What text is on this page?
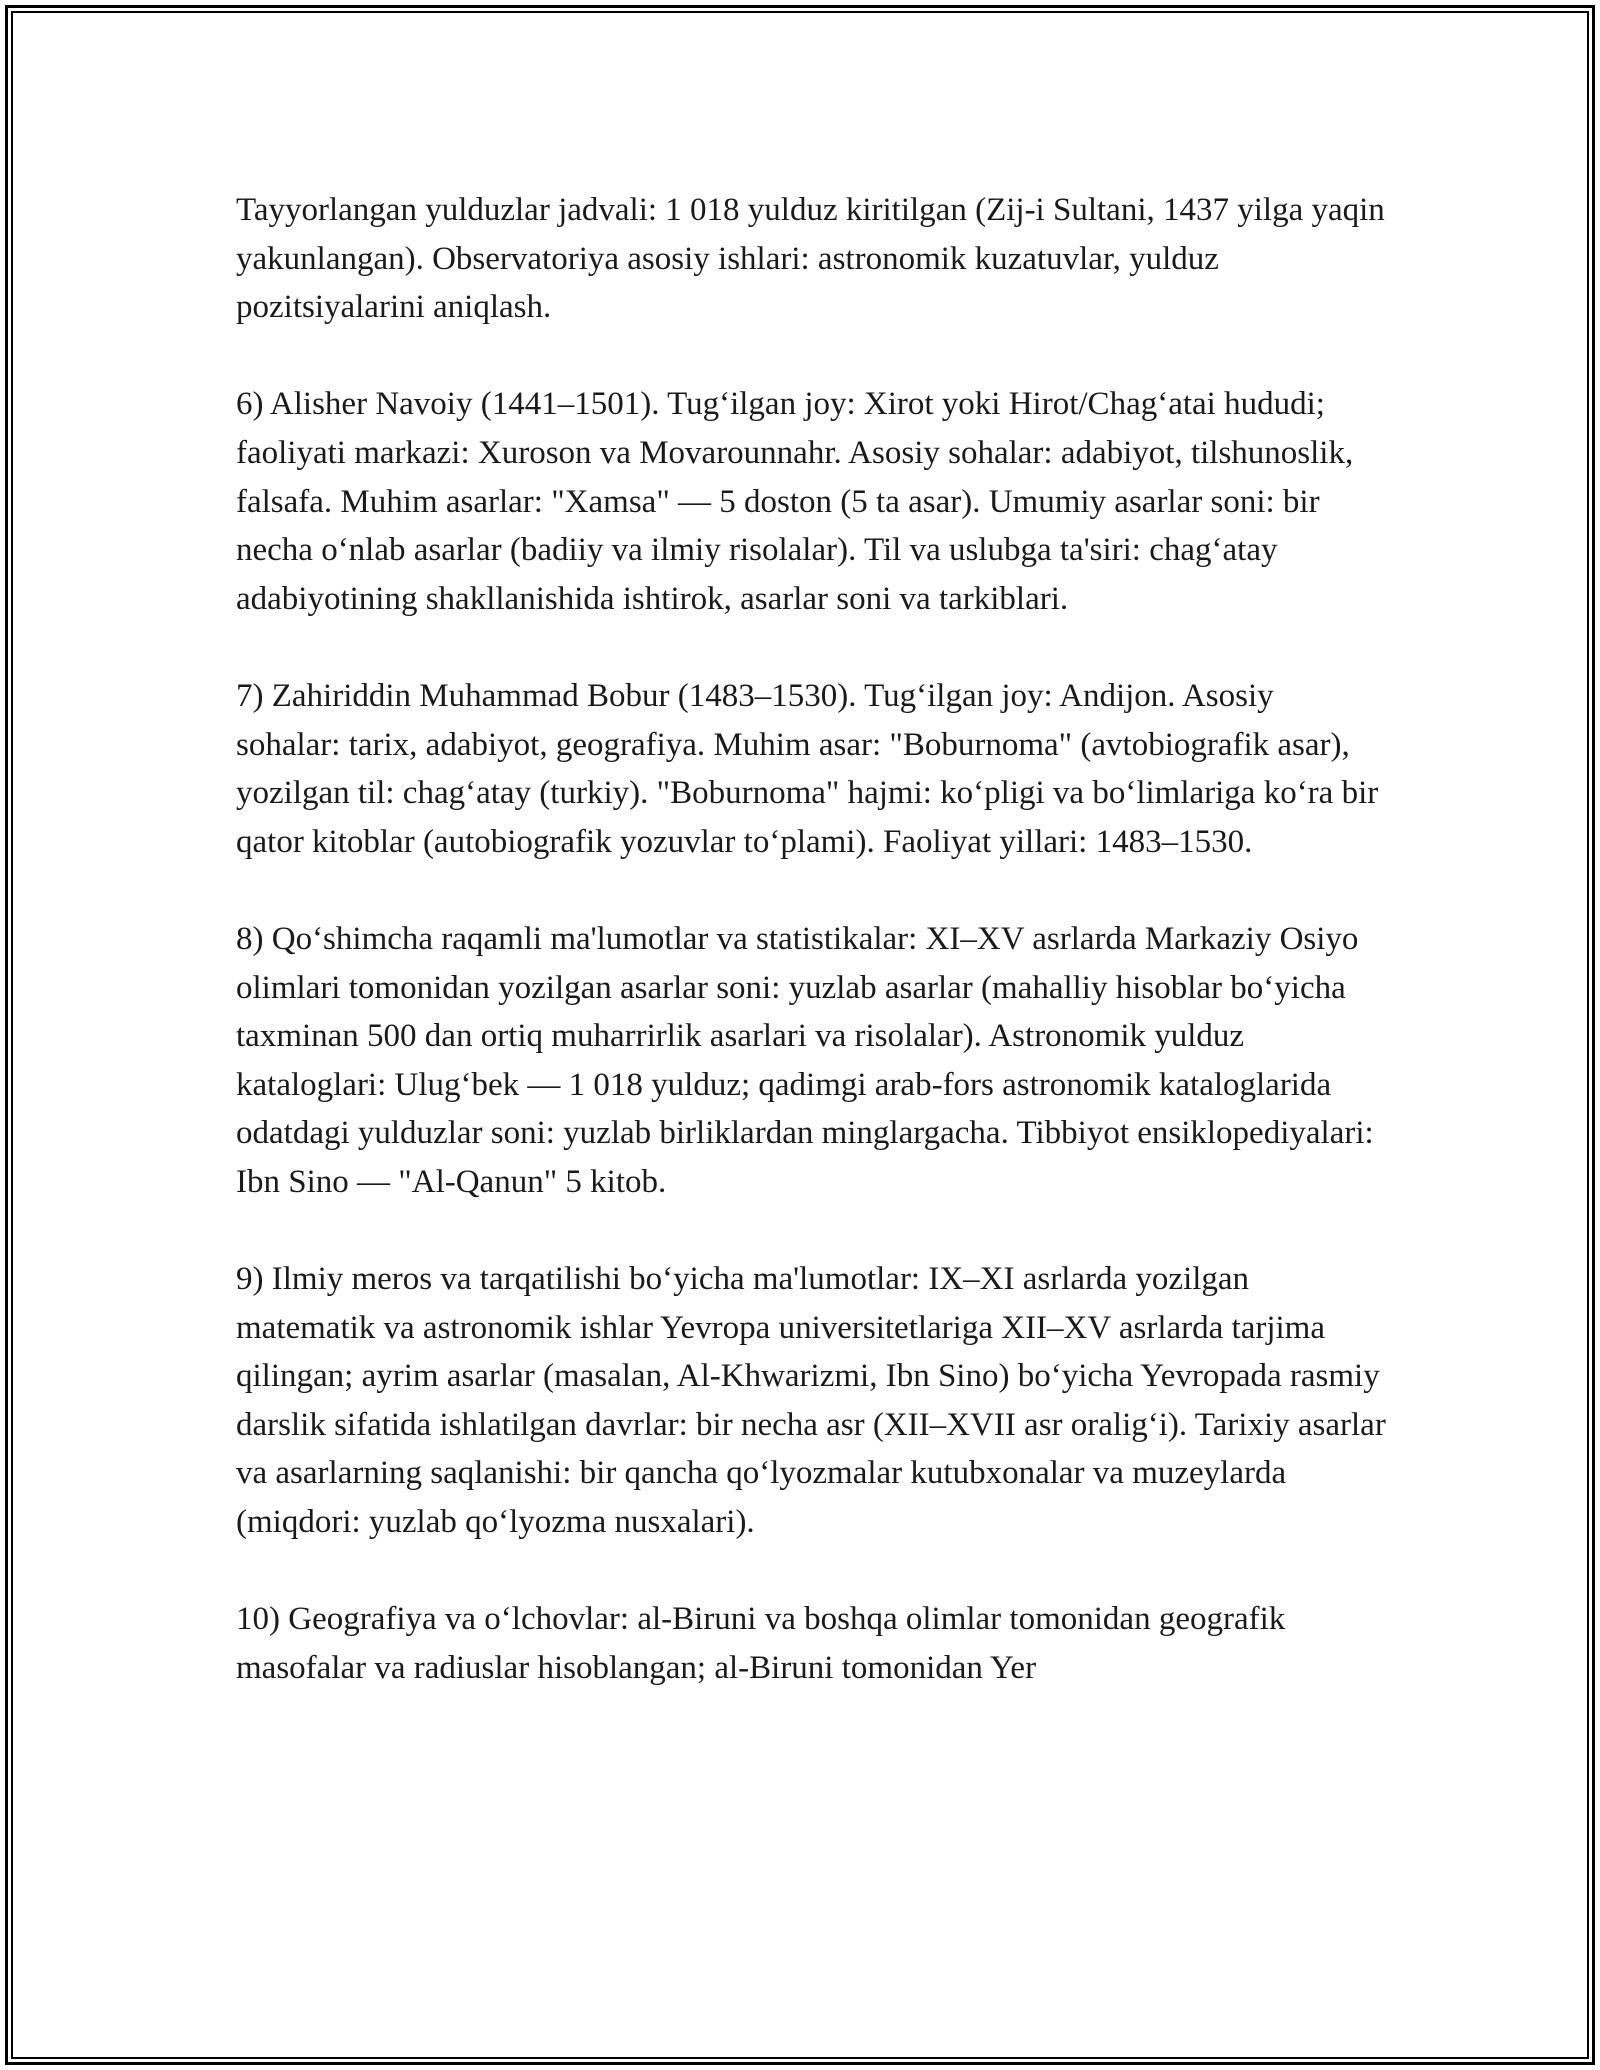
Tayyorlangan yulduzlar jadvali: 1 018 yulduz kiritilgan (Zij-i Sultani, 1437 yilga yaqin yakunlangan). Observatoriya asosiy ishlari: astronomik kuzatuvlar, yulduz pozitsiyalarini aniqlash.

6) Alisher Navoiy (1441–1501). Tug‘ilgan joy: Xirot yoki Hirot/Chag‘atai hududi; faoliyati markazi: Xuroson va Movarounnahr. Asosiy sohalar: adabiyot, tilshunoslik, falsafa. Muhim asarlar: "Xamsa" — 5 doston (5 ta asar). Umumiy asarlar soni: bir necha o‘nlab asarlar (badiiy va ilmiy risolalar). Til va uslubga ta'siri: chag‘atay adabiyotining shakllanishida ishtirok, asarlar soni va tarkiblari.

7) Zahiriddin Muhammad Bobur (1483–1530). Tug‘ilgan joy: Andijon. Asosiy sohalar: tarix, adabiyot, geografiya. Muhim asar: "Boburnoma" (avtobiografik asar), yozilgan til: chag‘atay (turkiy). "Boburnoma" hajmi: ko‘pligi va bo‘limlariga ko‘ra bir qator kitoblar (autobiografik yozuvlar to‘plami). Faoliyat yillari: 1483–1530.

8) Qo‘shimcha raqamli ma'lumotlar va statistikalar: XI–XV asrlarda Markaziy Osiyo olimlari tomonidan yozilgan asarlar soni: yuzlab asarlar (mahalliy hisoblar bo‘yicha taxminan 500 dan ortiq muharrirlik asarlari va risolalar). Astronomik yulduz kataloglari: Ulug‘bek — 1 018 yulduz; qadimgi arab-fors astronomik kataloglarida odatdagi yulduzlar soni: yuzlab birliklardan minglargacha. Tibbiyot ensiklopediyalari: Ibn Sino — "Al-Qanun" 5 kitob.

9) Ilmiy meros va tarqatilishi bo‘yicha ma'lumotlar: IX–XI asrlarda yozilgan matematik va astronomik ishlar Yevropa universitetlariga XII–XV asrlarda tarjima qilingan; ayrim asarlar (masalan, Al-Khwarizmi, Ibn Sino) bo‘yicha Yevropada rasmiy darslik sifatida ishlatilgan davrlar: bir necha asr (XII–XVII asr oralig‘i). Tarixiy asarlar va asarlarning saqlanishi: bir qancha qo‘lyozmalar kutubxonalar va muzeylarda (miqdori: yuzlab qo‘lyozma nusxalari).

10) Geografiya va o‘lchovlar: al-Biruni va boshqa olimlar tomonidan geografik masofalar va radiuslar hisoblangan; al-Biruni tomonidan Yer
